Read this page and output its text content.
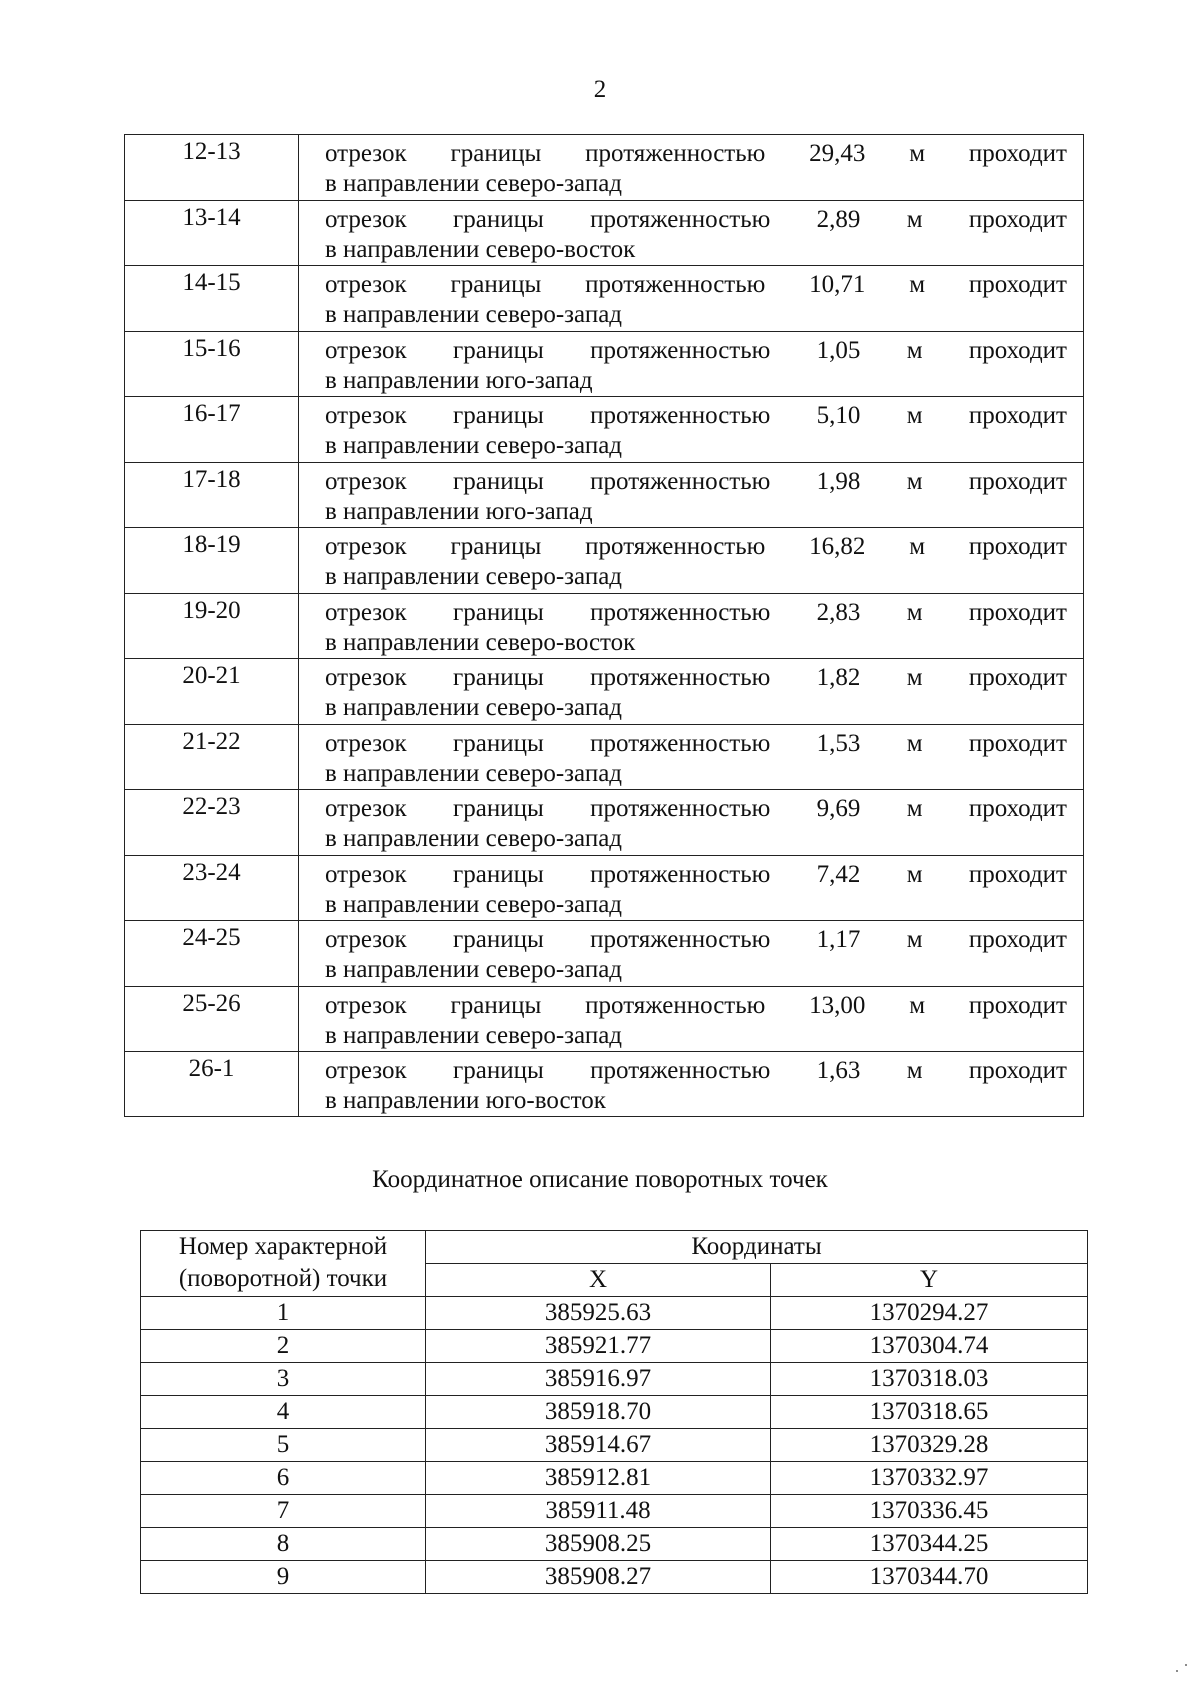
2
12-13	отрезок границы протяженностью 29,43 м проходит
в направлении северо-запад
13-14	отрезок границы протяженностью 2,89 м проходит
в направлении северо-восток
14-15	отрезок границы протяженностью 10,71 м проходит
в направлении северо-запад
15-16	отрезок границы протяженностью 1,05 м проходит
в направлении юго-запад
16-17	отрезок границы протяженностью 5,10 м проходит
в направлении северо-запад
17-18	отрезок границы протяженностью 1,98 м проходит
в направлении юго-запад
18-19	отрезок границы протяженностью 16,82 м проходит
в направлении северо-запад
19-20	отрезок границы протяженностью 2,83 м проходит
в направлении северо-восток
20-21	отрезок границы протяженностью 1,82 м проходит
в направлении северо-запад
21-22	отрезок границы протяженностью 1,53 м проходит
в направлении северо-запад
22-23	отрезок границы протяженностью 9,69 м проходит
в направлении северо-запад
23-24	отрезок границы протяженностью 7,42 м проходит
в направлении северо-запад
24-25	отрезок границы протяженностью 1,17 м проходит
в направлении северо-запад
25-26	отрезок границы протяженностью 13,00 м проходит
в направлении северо-запад
26-1	отрезок границы протяженностью 1,63 м проходит
в направлении юго-восток
Координатное описание поворотных точек
Номер характерной
(поворотной) точки	Координаты	
	X	Y
1	385925.63	1370294.27
2	385921.77	1370304.74
3	385916.97	1370318.03
4	385918.70	1370318.65
5	385914.67	1370329.28
6	385912.81	1370332.97
7	385911.48	1370336.45
8	385908.25	1370344.25
9	385908.27	1370344.70
